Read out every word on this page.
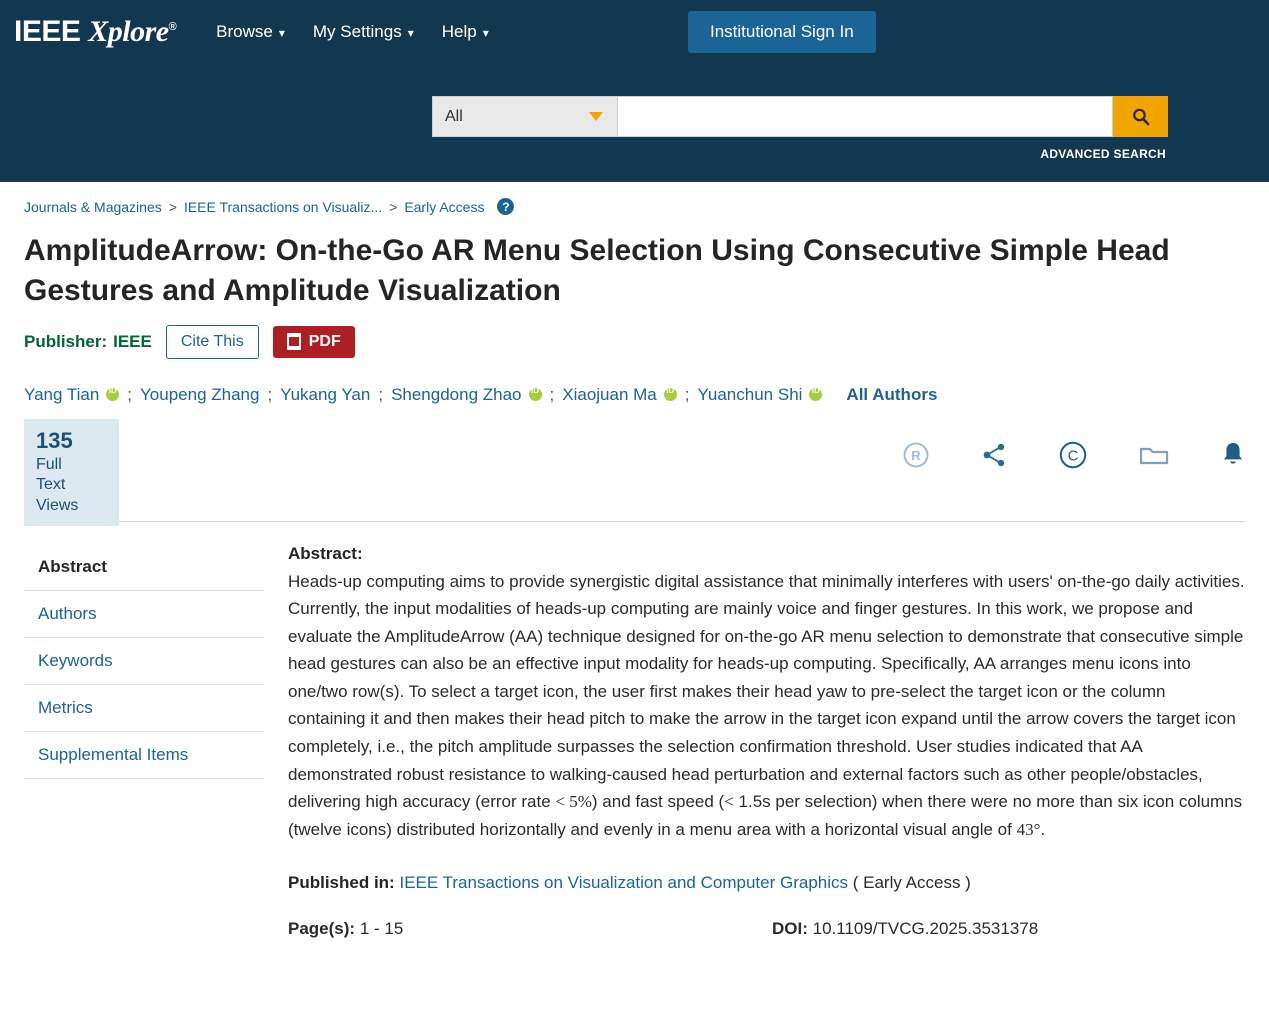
IEEE Xplore®	Browse ▾	My Settings ▾	Help ▾	Institutional Sign In
All
ADVANCED SEARCH
Journals & Magazines > IEEE Transactions on Visualiz... > Early Access	?
AmplitudeArrow: On-the-Go AR Menu Selection Using Consecutive Simple Head Gestures and Amplitude Visualization
Publisher: IEEE	Cite This	PDF
Yang Tian iD ; Youpeng Zhang ; Yukang Yan ; Shengdong Zhao iD ; Xiaojuan Ma iD ; Yuanchun Shi iD	All Authors
135
Full
Text Views
R	C
Abstract
Authors
Keywords
Metrics
Supplemental Items
Abstract:
Heads-up computing aims to provide synergistic digital assistance that minimally interferes with users' on-the-go daily activities. Currently, the input modalities of heads-up computing are mainly voice and finger gestures. In this work, we propose and evaluate the AmplitudeArrow (AA) technique designed for on-the-go AR menu selection to demonstrate that consecutive simple head gestures can also be an effective input modality for heads-up computing. Specifically, AA arranges menu icons into one/two row(s). To select a target icon, the user first makes their head yaw to pre-select the target icon or the column containing it and then makes their head pitch to make the arrow in the target icon expand until the arrow covers the target icon completely, i.e., the pitch amplitude surpasses the selection confirmation threshold. User studies indicated that AA demonstrated robust resistance to walking-caused head perturbation and external factors such as other people/obstacles, delivering high accuracy (error rate < 5%) and fast speed (< 1.5s per selection) when there were no more than six icon columns (twelve icons) distributed horizontally and evenly in a menu area with a horizontal visual angle of 43°.
Published in: IEEE Transactions on Visualization and Computer Graphics ( Early Access )
Page(s): 1 - 15	DOI: 10.1109/TVCG.2025.3531378
